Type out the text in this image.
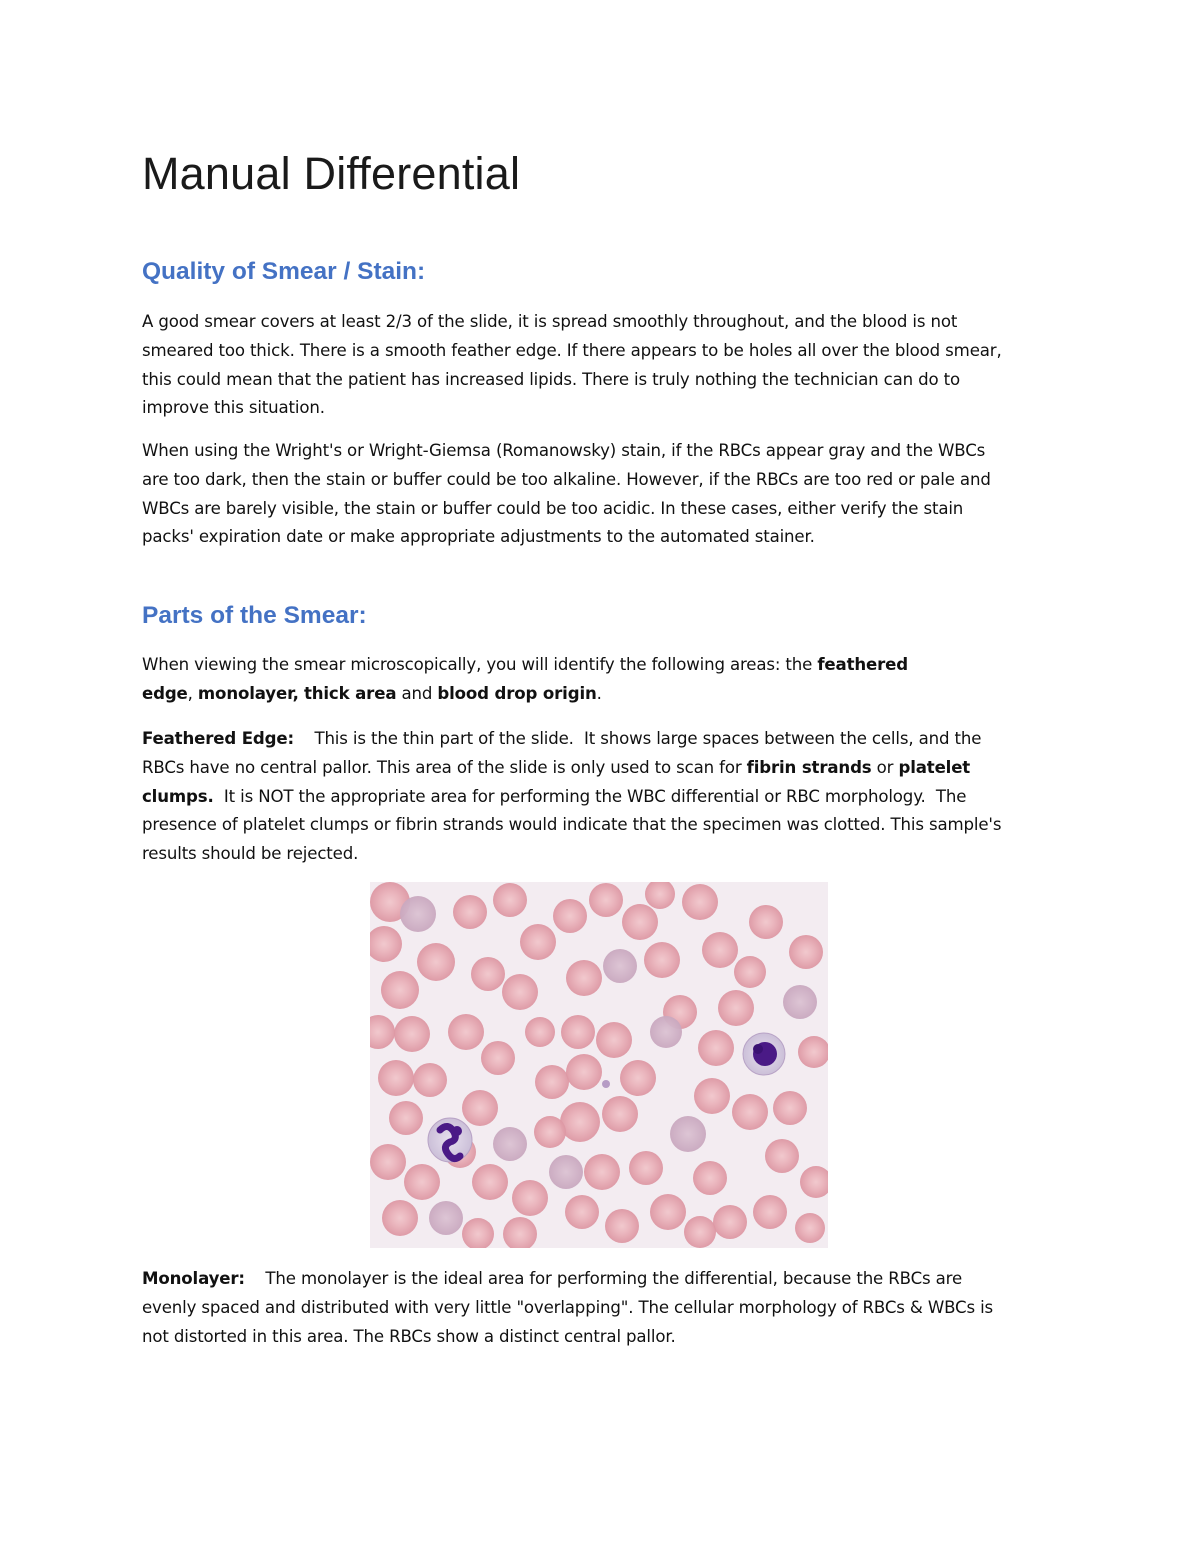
Manual Differential
Quality of Smear / Stain:

A good smear covers at least 2/3 of the slide, it is spread smoothly throughout, and the blood is not
smeared too thick. There is a smooth feather edge. If there appears to be holes all over the blood smear,
this could mean that the patient has increased lipids. There is truly nothing the technician can do to
improve this situation.

When using the Wright's or Wright-Giemsa (Romanowsky) stain, if the RBCs appear gray and the WBCs
are too dark, then the stain or buffer could be too alkaline. However, if the RBCs are too red or pale and
WBCs are barely visible, the stain or buffer could be too acidic. In these cases, either verify the stain
packs' expiration date or make appropriate adjustments to the automated stainer.

Parts of the Smear:

When viewing the smear microscopically, you will identify the following areas: the feathered
edge, monolayer, thick area and blood drop origin.

Feathered Edge:    This is the thin part of the slide.  It shows large spaces between the cells, and the
RBCs have no central pallor. This area of the slide is only used to scan for fibrin strands or platelet
clumps.  It is NOT the appropriate area for performing the WBC differential or RBC morphology.  The
presence of platelet clumps or fibrin strands would indicate that the specimen was clotted. This sample's
results should be rejected.

Monolayer:    The monolayer is the ideal area for performing the differential, because the RBCs are
evenly spaced and distributed with very little "overlapping". The cellular morphology of RBCs & WBCs is
not distorted in this area. The RBCs show a distinct central pallor.
